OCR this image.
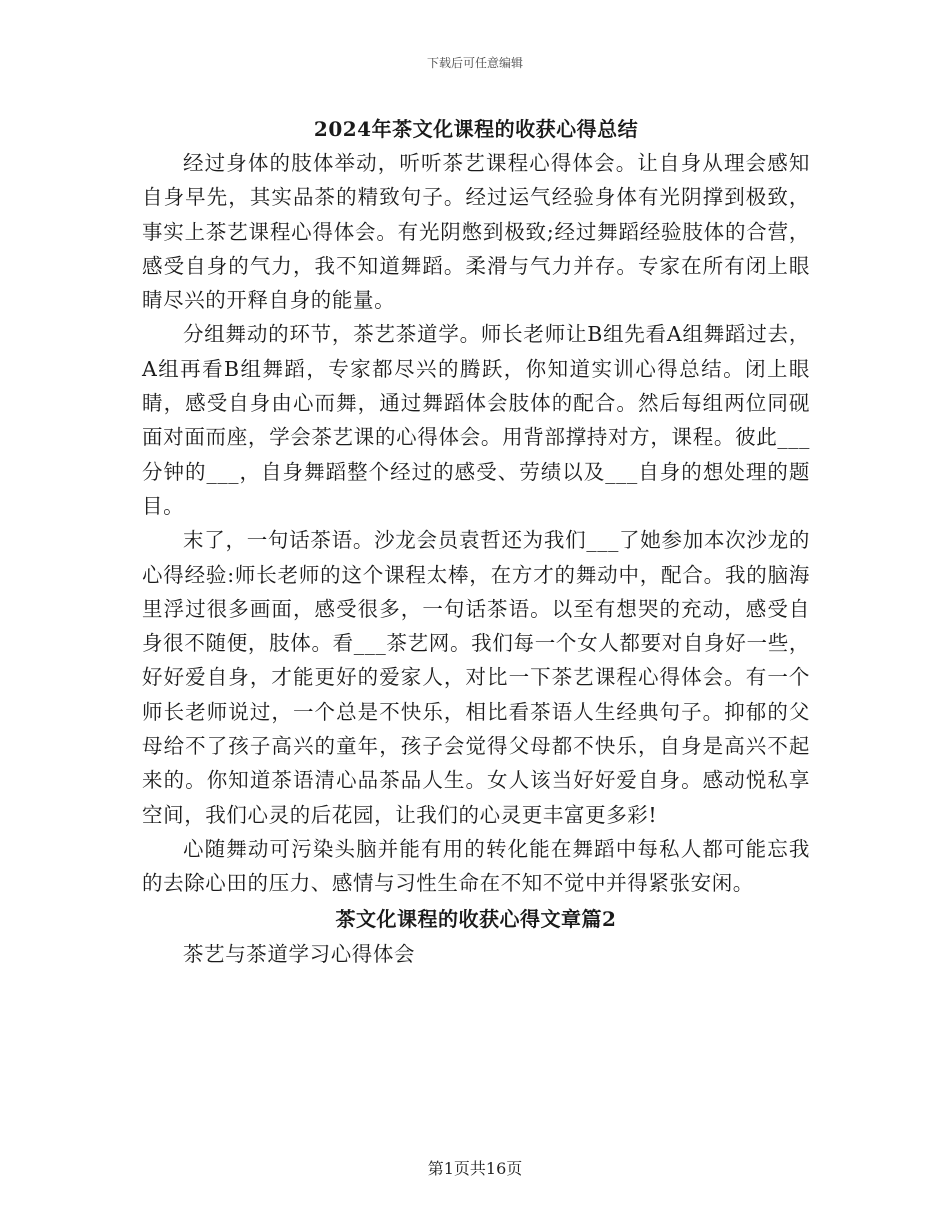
下载后可任意编辑
2024年茶文化课程的收获心得总结

经过身体的肢体举动，听听茶艺课程心得体会。让自身从理会感知自身早先，其实品茶的精致句子。经过运气经验身体有光阴撑到极致，事实上茶艺课程心得体会。有光阴憋到极致;经过舞蹈经验肢体的合营，感受自身的气力，我不知道舞蹈。柔滑与气力并存。专家在所有闭上眼睛尽兴的开释自身的能量。

分组舞动的环节，茶艺茶道学。师长老师让B组先看A组舞蹈过去，A组再看B组舞蹈，专家都尽兴的腾跃，你知道实训心得总结。闭上眼睛，感受自身由心而舞，通过舞蹈体会肢体的配合。然后每组两位同砚面对面而座，学会茶艺课的心得体会。用背部撑持对方，课程。彼此___分钟的___，自身舞蹈整个经过的感受、劳绩以及___自身的想处理的题目。

末了，一句话茶语。沙龙会员袁哲还为我们___了她参加本次沙龙的心得经验:师长老师的这个课程太棒，在方才的舞动中，配合。我的脑海里浮过很多画面，感受很多，一句话茶语。以至有想哭的充动，感受自身很不随便，肢体。看___茶艺网。我们每一个女人都要对自身好一些，好好爱自身，才能更好的爱家人，对比一下茶艺课程心得体会。有一个师长老师说过，一个总是不快乐，相比看茶语人生经典句子。抑郁的父母给不了孩子高兴的童年，孩子会觉得父母都不快乐，自身是高兴不起来的。你知道茶语清心品茶品人生。女人该当好好爱自身。感动悦私享空间，我们心灵的后花园，让我们的心灵更丰富更多彩!

心随舞动可污染头脑并能有用的转化能在舞蹈中每私人都可能忘我的去除心田的压力、感情与习性生命在不知不觉中并得紧张安闲。

茶文化课程的收获心得文章篇2

茶艺与茶道学习心得体会

第1页共16页
